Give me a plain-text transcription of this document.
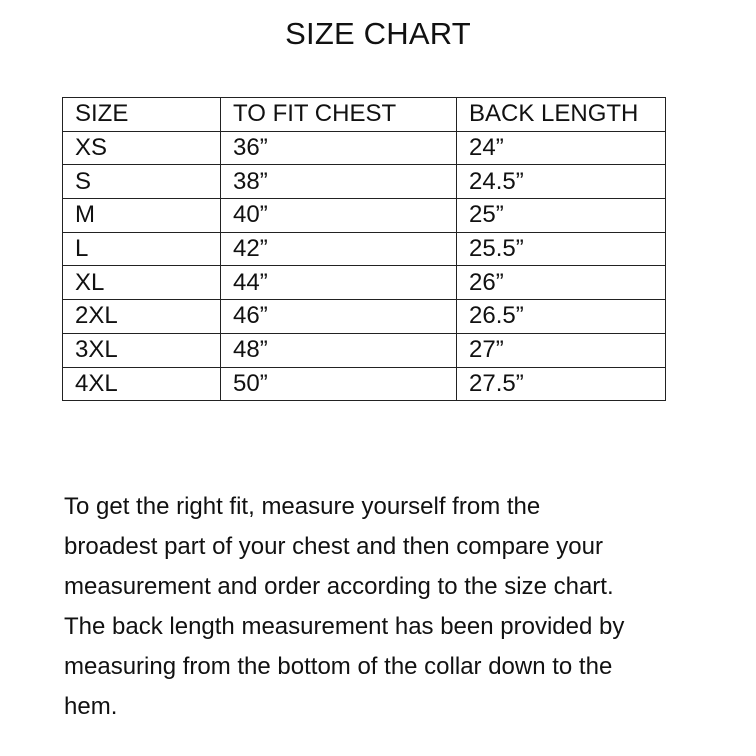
SIZE CHART
SIZE	TO FIT CHEST	BACK LENGTH
XS	36”	24”
S	38”	24.5”
M	40”	25”
L	42”	25.5”
XL	44”	26”
2XL	46”	26.5”
3XL	48”	27”
4XL	50”	27.5”

To get the right fit, measure yourself from the
broadest part of your chest and then compare your
measurement and order according to the size chart.
The back length measurement has been provided by
measuring from the bottom of the collar down to the
hem.
